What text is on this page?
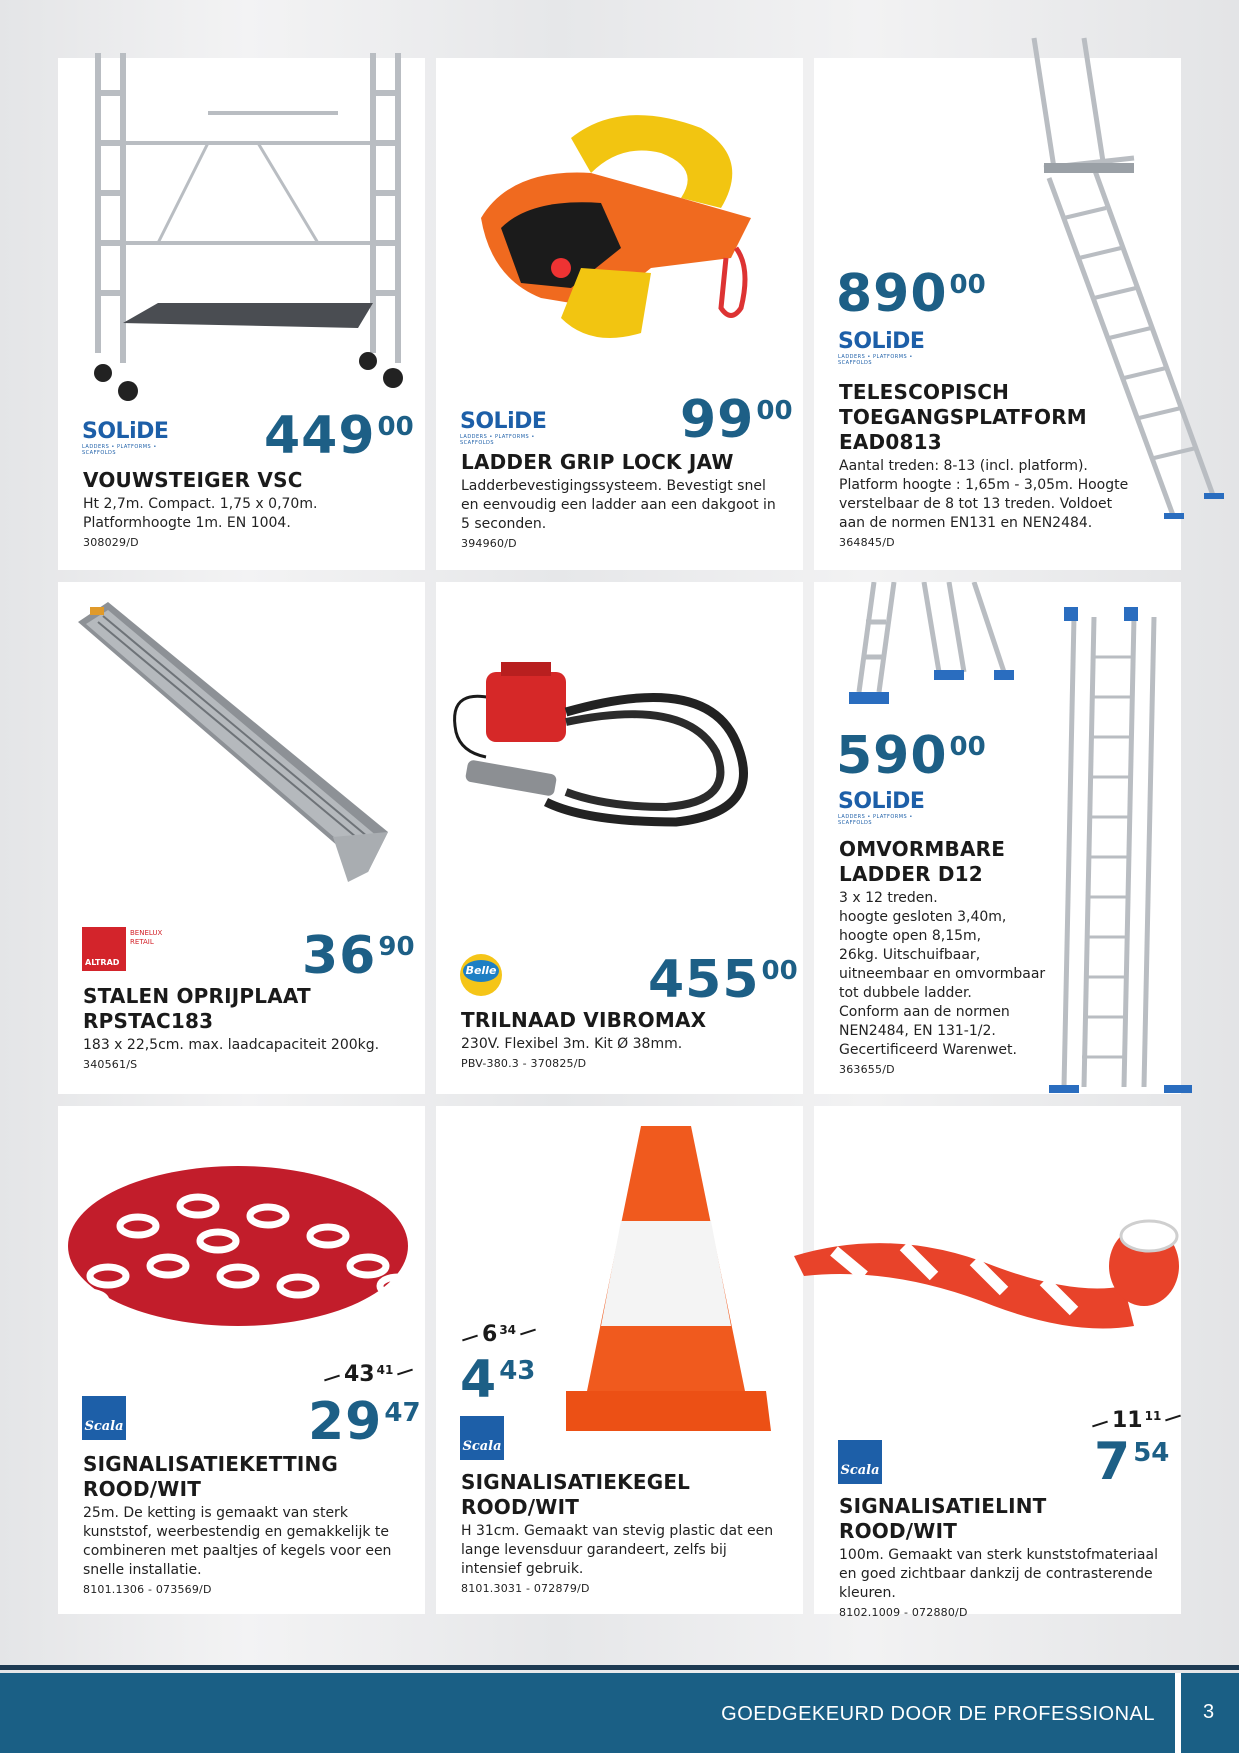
SOLiDE
LADDERS • PLATFORMS • SCAFFOLDS	$449^{00}$
VOUWSTEIGER VSC
Ht 2,7m. Compact. 1,75 x 0,70m. Platformhoogte 1m. EN 1004.
308029/D
SOLiDE
LADDERS • PLATFORMS • SCAFFOLDS	$99^{00}$
LADDER GRIP LOCK JAW
Ladderbevestigingssysteem. Bevestigt snel en eenvoudig een ladder aan een dakgoot in 5 seconden.
394960/D
$890^{00}$
SOLiDE
LADDERS • PLATFORMS • SCAFFOLDS
TELESCOPISCH
TOEGANGSPLATFORM
EAD0813
Aantal treden: 8-13 (incl. platform). Platform hoogte : 1,65m - 3,05m. Hoogte verstelbaar de 8 tot 13 treden. Voldoet aan de normen EN131 en NEN2484.
364845/D
ALTRAD
BENELUX RETAIL	$36^{90}$
STALEN OPRIJPLAAT
RPSTAC183
183 x 22,5cm. max. laadcapaciteit 200kg.
340561/S
Belle	$455^{00}$
TRILNAAD VIBROMAX
230V. Flexibel 3m. Kit Ø 38mm.
PBV-380.3 - 370825/D
$590^{00}$
SOLiDE
LADDERS • PLATFORMS • SCAFFOLDS
OMVORMBARE
LADDER D12
3 x 12 treden.
hoogte gesloten 3,40m,
hoogte open 8,15m,
26kg. Uitschuifbaar,
uitneembaar en omvormbaar
tot dubbele ladder.
Conform aan de normen
NEN2484, EN 131-1/2.
Gecertificeerd Warenwet.
363655/D
43 $^{41}$
Scala	$29^{47}$
SIGNALISATIEKETTING
ROOD/WIT
25m. De ketting is gemaakt van sterk kunststof, weerbestendig en gemakkelijk te combineren met paaltjes of kegels voor een snelle installatie.
8101.1306 - 073569/D
6 $^{34}$
$4^{43}$
Scala
SIGNALISATIEKEGEL
ROOD/WIT
H 31cm. Gemaakt van stevig plastic dat een lange levensduur garandeert, zelfs bij intensief gebruik.
8101.3031 - 072879/D
11 $^{11}$
Scala	$7^{54}$
SIGNALISATIELINT ROOD/WIT
100m. Gemaakt van sterk kunststofmateriaal en goed zichtbaar dankzij de contrasterende kleuren.
8102.1009 - 072880/D
GOEDGEKEURD DOOR DE PROFESSIONAL 3
